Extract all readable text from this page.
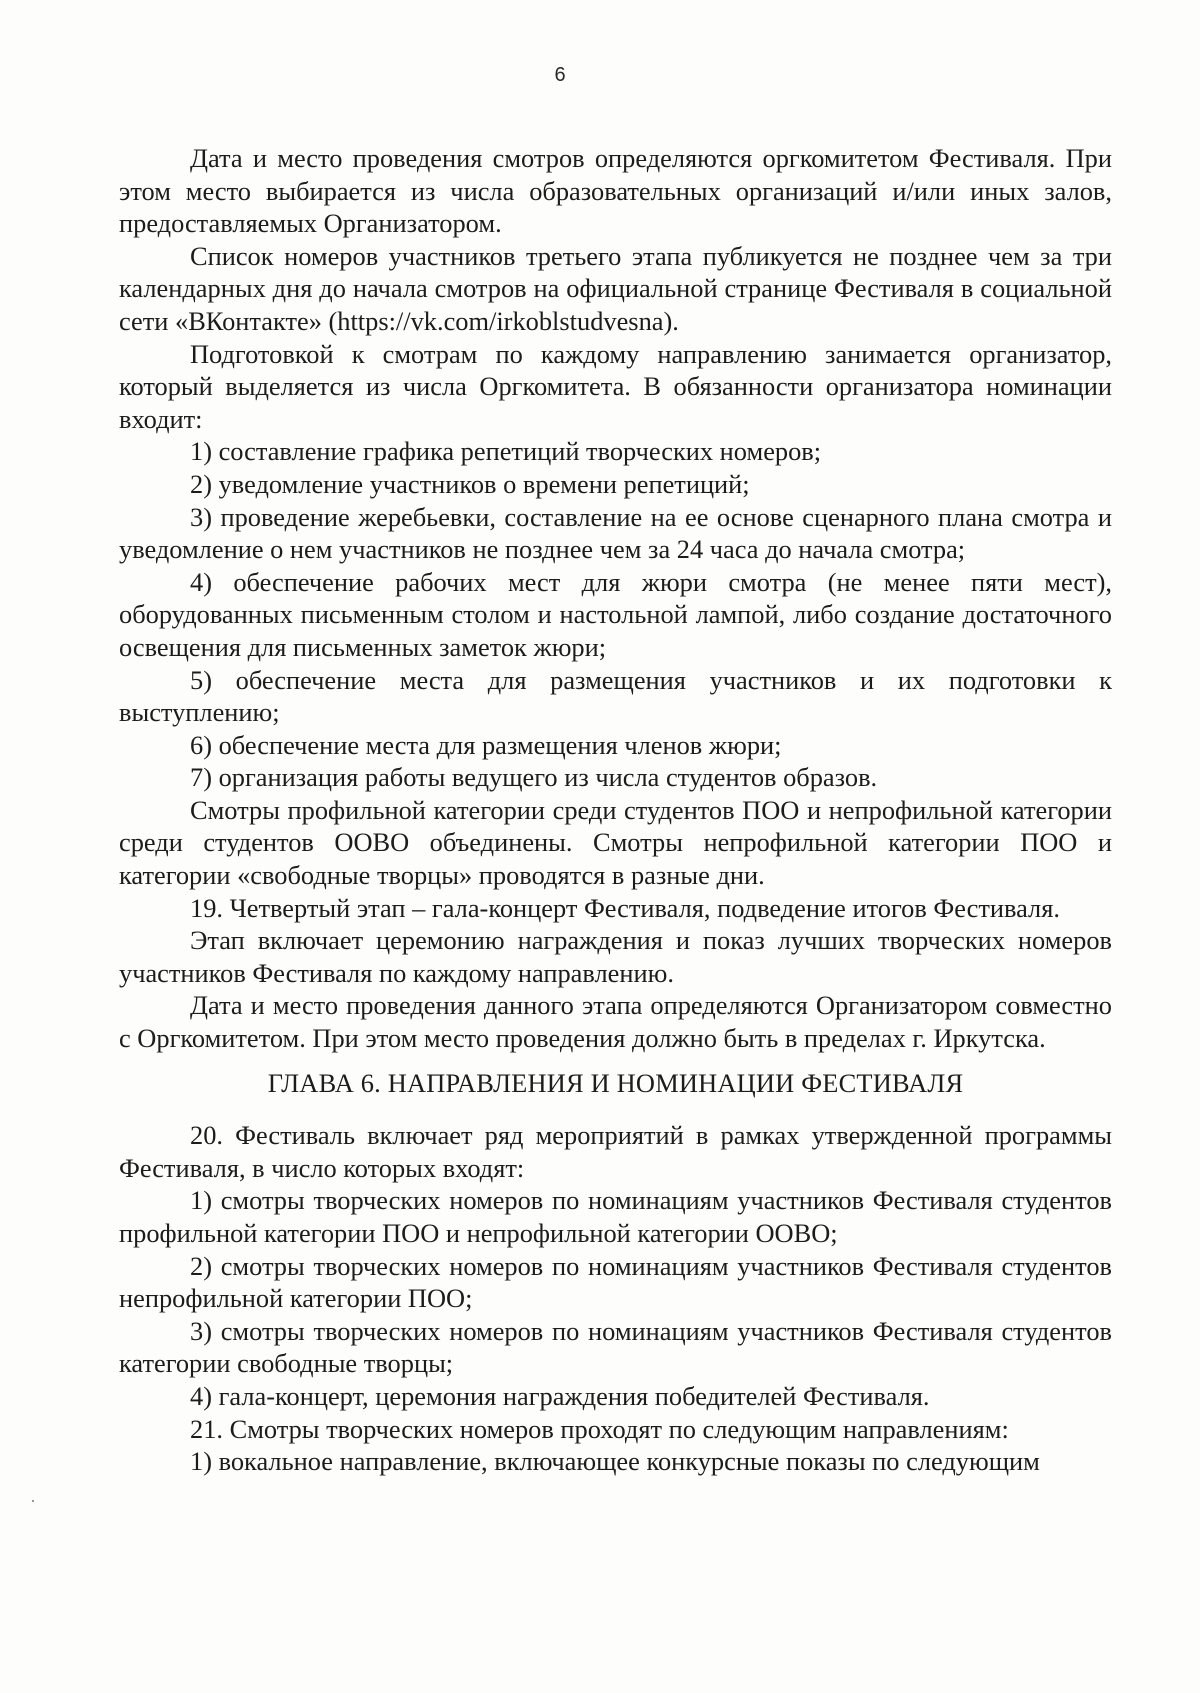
6

Дата и место проведения смотров определяются оргкомитетом Фестиваля. При этом место выбирается из числа образовательных организаций и/или иных залов, предоставляемых Организатором.

Список номеров участников третьего этапа публикуется не позднее чем за три календарных дня до начала смотров на официальной странице Фестиваля в социальной сети «ВКонтакте» (https://vk.com/irkoblstudvesna).

Подготовкой к смотрам по каждому направлению занимается организатор, который выделяется из числа Оргкомитета. В обязанности организатора номинации входит:

1) составление графика репетиций творческих номеров;

2) уведомление участников о времени репетиций;

3) проведение жеребьевки, составление на ее основе сценарного плана смотра и уведомление о нем участников не позднее чем за 24 часа до начала смотра;

4) обеспечение рабочих мест для жюри смотра (не менее пяти мест), оборудованных письменным столом и настольной лампой, либо создание достаточного освещения для письменных заметок жюри;

5) обеспечение места для размещения участников и их подготовки к выступлению;

6) обеспечение места для размещения членов жюри;

7) организация работы ведущего из числа студентов образов.

Смотры профильной категории среди студентов ПОО и непрофильной категории среди студентов ООВО объединены. Смотры непрофильной категории ПОО и категории «свободные творцы» проводятся в разные дни.

19. Четвертый этап – гала-концерт Фестиваля, подведение итогов Фестиваля.

Этап включает церемонию награждения и показ лучших творческих номеров участников Фестиваля по каждому направлению.

Дата и место проведения данного этапа определяются Организатором совместно с Оргкомитетом. При этом место проведения должно быть в пределах г. Иркутска.

ГЛАВА 6. НАПРАВЛЕНИЯ И НОМИНАЦИИ ФЕСТИВАЛЯ

20. Фестиваль включает ряд мероприятий в рамках утвержденной программы Фестиваля, в число которых входят:

1) смотры творческих номеров по номинациям участников Фестиваля студентов профильной категории ПОО и непрофильной категории ООВО;

2) смотры творческих номеров по номинациям участников Фестиваля студентов непрофильной категории ПОО;

3) смотры творческих номеров по номинациям участников Фестиваля студентов категории свободные творцы;

4) гала-концерт, церемония награждения победителей Фестиваля.

21. Смотры творческих номеров проходят по следующим направлениям:

1) вокальное направление, включающее конкурсные показы по следующим
